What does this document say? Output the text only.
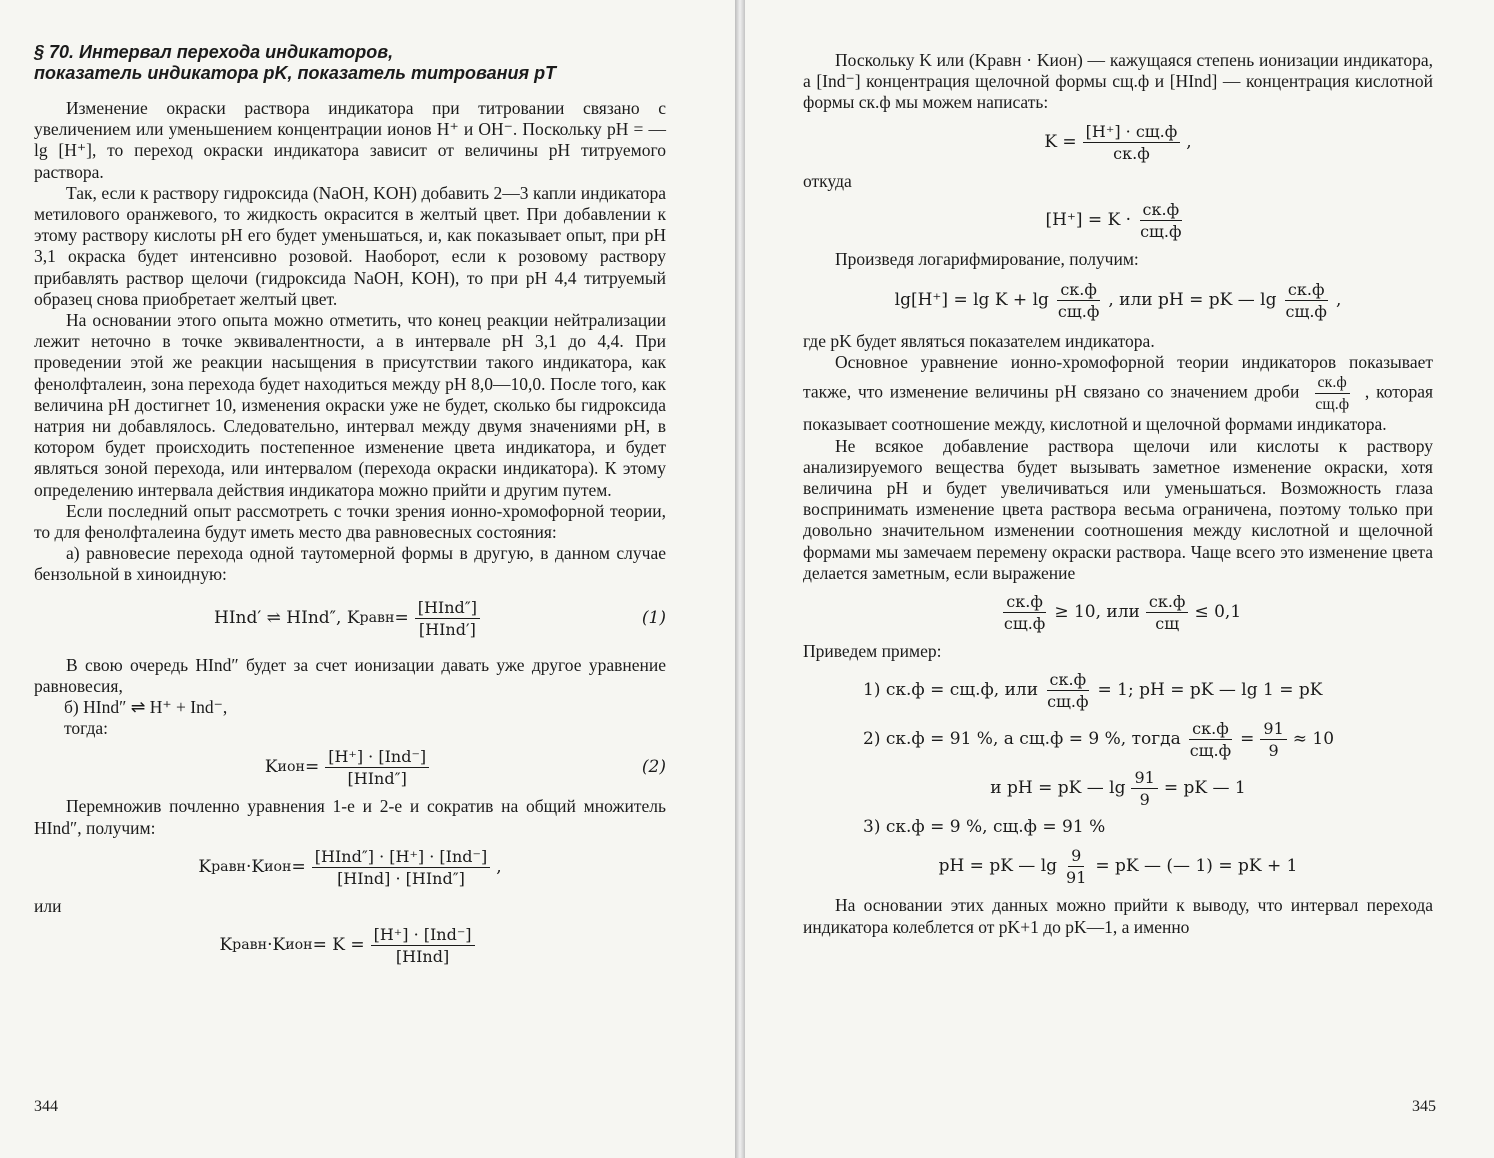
§ 70. Интервал перехода индикаторов,
показатель индикатора pK, показатель титрования pT

Изменение окраски раствора индикатора при титровании связано с увеличением или уменьшением концентрации ионов H⁺ и OH⁻. Поскольку pH = — lg [H⁺], то переход окраски индикатора зависит от величины pH титруемого раствора.

Так, если к раствору гидроксида (NaOH, KOH) добавить 2—3 капли индикатора метилового оранжевого, то жидкость окрасится в желтый цвет. При добавлении к этому раствору кислоты pH его будет уменьшаться, и, как показывает опыт, при pH 3,1 окраска будет интенсивно розовой. Наоборот, если к розовому раствору прибавлять раствор щелочи (гидроксида NaOH, KOH), то при pH 4,4 титруемый образец снова приобретает желтый цвет.

На основании этого опыта можно отметить, что конец реакции нейтрализации лежит неточно в точке эквивалентности, а в интервале pH 3,1 до 4,4. При проведении этой же реакции насыщения в присутствии такого индикатора, как фенолфталеин, зона перехода будет находиться между pH 8,0—10,0. После того, как величина pH достигнет 10, изменения окраски уже не будет, сколько бы гидроксида натрия ни добавлялось. Следовательно, интервал между двумя значениями pH, в котором будет происходить постепенное изменение цвета индикатора, и будет являться зоной перехода, или интервалом (перехода окраски индикатора). К этому определению интервала действия индикатора можно прийти и другим путем.

Если последний опыт рассмотреть с точки зрения ионно-хромофорной теории, то для фенолфталеина будут иметь место два равновесных состояния:

а) равновесие перехода одной таутомерной формы в другую, в данном случае бензольной в хиноидную:

HInd′ ⇌ HInd″, K равн = $\frac{\text{[HInd″]}}{\text{[HInd′]}}$	(1)

В свою очередь HInd″ будет за счет ионизации давать уже другое уравнение равновесия,

б) HInd″ ⇌ H⁺ + Ind⁻,

тогда:

K ион = $\frac{\text{[H⁺] · [Ind⁻]}}{\text{[HInd″]}}$	(2)

Перемножив почленно уравнения 1-е и 2-е и сократив на общий множитель HInd″, получим:

K равн ·K ион = $\frac{\text{[HInd″] · [H⁺] · [Ind⁻]}}{\text{[HInd] · [HInd″]}}$ ,

или

K равн ·K ион = $K = \frac{\text{[H⁺] · [Ind⁻]}}{\text{[HInd]}}$
344

Поскольку K или (Kравн · Kион) — кажущаяся степень ионизации индикатора, а [Ind⁻] концентрация щелочной формы cщ.ф и [HInd] — концентрация кислотной формы cк.ф мы можем написать:

$K = \frac{[H^+] \cdot cщ.ф}{cк.ф}$ ,

откуда

$[H^+] = K \cdot \frac{cк.ф}{cщ.ф}$

Произведя логарифмирование, получим:

$\lg[H^+] = \lg K + \lg \frac{cк.ф}{cщ.ф}$ , или pH = pK — $\lg \frac{cк.ф}{cщ.ф}$ ,

где pK будет являться показателем индикатора.

Основное уравнение ионно-хромофорной теории индикаторов показывает также, что изменение величины pH связано со значением дроби $\frac{cк.ф}{cщ.ф}$ , которая показывает соотношение между, кислотной и щелочной формами индикатора.

Не всякое добавление раствора щелочи или кислоты к раствору анализируемого вещества будет вызывать заметное изменение окраски, хотя величина pH и будет увеличиваться или уменьшаться. Возможность глаза воспринимать изменение цвета раствора весьма ограничена, поэтому только при довольно значительном изменении соотношения между кислотной и щелочной формами мы замечаем перемену окраски раствора. Чаще всего это изменение цвета делается заметным, если выражение

$\frac{cк.ф}{cщ.ф} \ge 10$, или $\frac{cк.ф}{cщ} \le 0,1$

Приведем пример:

1) cк.ф = cщ.ф, или $\frac{cк.ф}{cщ.ф} = 1$; pH = pK — lg 1 = pK
2) cк.ф = 91 %, а cщ.ф = 9 %, тогда $\frac{cк.ф}{cщ.ф} = \frac{91}{9} \approx 10$
и pH = pK — $\lg \frac{91}{9}$ = pK — 1
3) cк.ф = 9 %, cщ.ф = 91 %
pH = pK — $\lg \frac{9}{91}$ = pK — (— 1) = pK + 1

На основании этих данных можно прийти к выводу, что интервал перехода индикатора колеблется от pK+1 до pK—1, а именно

345
